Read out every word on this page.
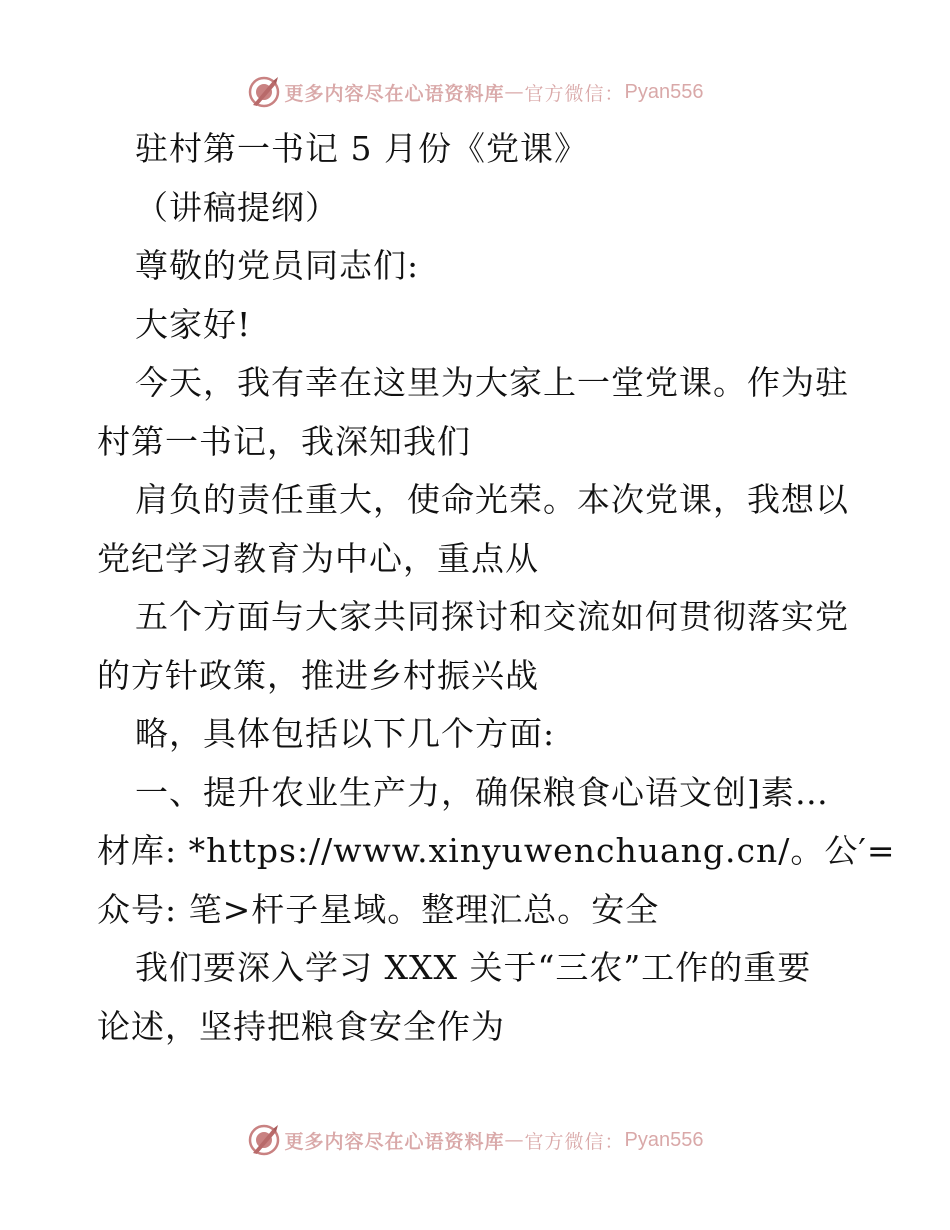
更多内容尽在心语资料库 — 官方微信： Pyan556
驻村第一书记 5 月份《党课》
（讲稿提纲）
尊敬的党员同志们:
大家好!
今天，我有幸在这里为大家上一堂党课。作为驻
村第一书记，我深知我们
肩负的责任重大，使命光荣。本次党课，我想以
党纪学习教育为中心，重点从
五个方面与大家共同探讨和交流如何贯彻落实党
的方针政策，推进乡村振兴战
略，具体包括以下几个方面:
一、提升农业生产力，确保粮食心语文创]素…
材库: *https://www.xinyuwenchuang.cn/。公′=
众号: 笔>杆子星域。整理汇总。安全
我们要深入学习 XXX 关于“三农”工作的重要
论述，坚持把粮食安全作为
更多内容尽在心语资料库 — 官方微信： Pyan556
